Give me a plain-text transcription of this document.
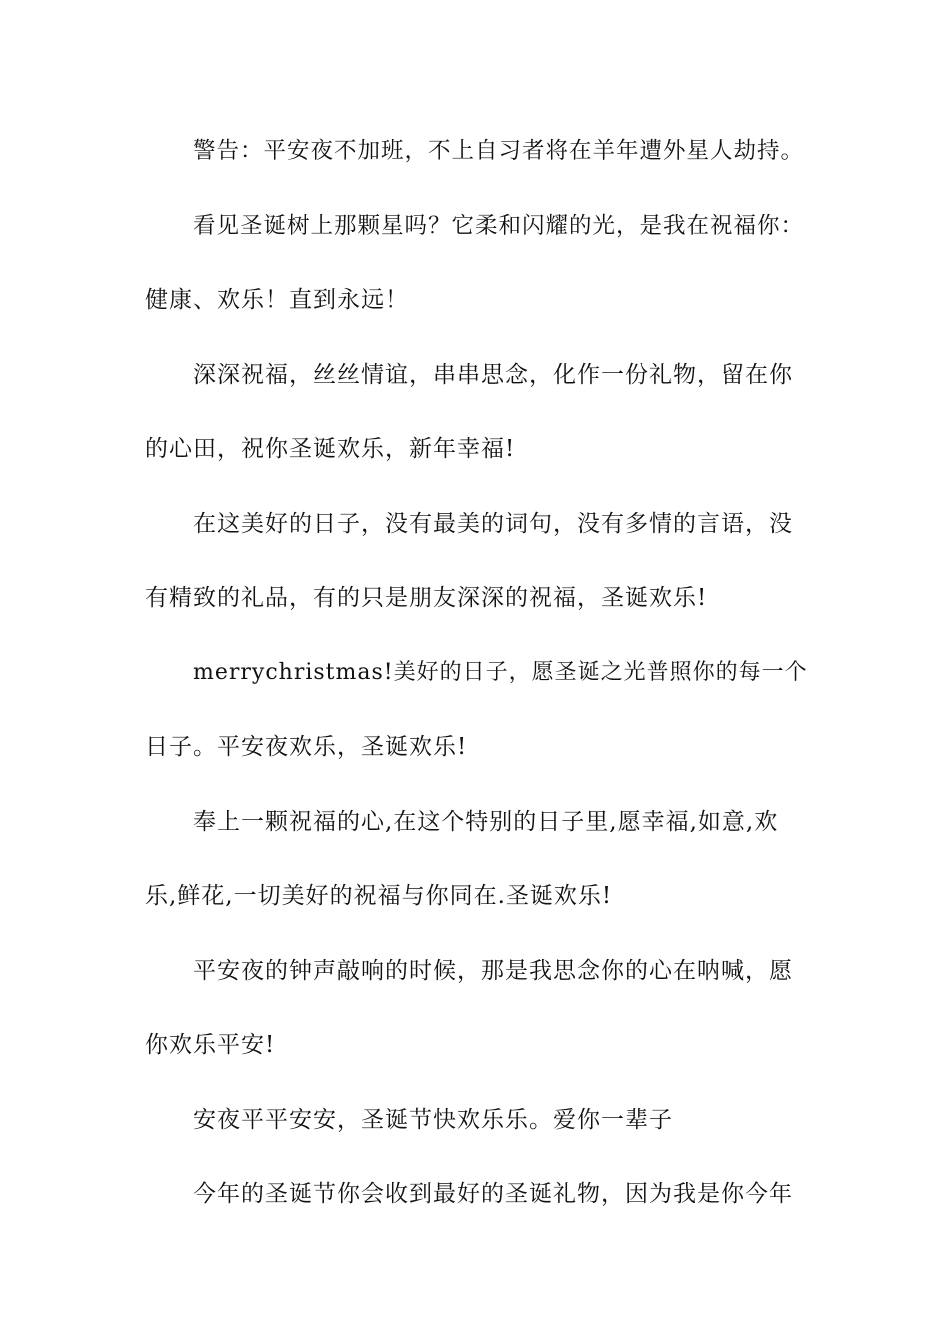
警告：平安夜不加班，不上自习者将在羊年遭外星人劫持。
看见圣诞树上那颗星吗？它柔和闪耀的光，是我在祝福你：
健康、欢乐！直到永远！
深深祝福，丝丝情谊，串串思念，化作一份礼物，留在你
的心田，祝你圣诞欢乐，新年幸福!
在这美好的日子，没有最美的词句，没有多情的言语，没
有精致的礼品，有的只是朋友深深的祝福，圣诞欢乐!
merrychristmas!美好的日子，愿圣诞之光普照你的每一个
日子。平安夜欢乐，圣诞欢乐!
奉上一颗祝福的心,在这个特别的日子里,愿幸福,如意,欢
乐,鲜花,一切美好的祝福与你同在.圣诞欢乐!
平安夜的钟声敲响的时候，那是我思念你的心在呐喊，愿
你欢乐平安!
安夜平平安安，圣诞节快欢乐乐。爱你一辈子
今年的圣诞节你会收到最好的圣诞礼物，因为我是你今年
